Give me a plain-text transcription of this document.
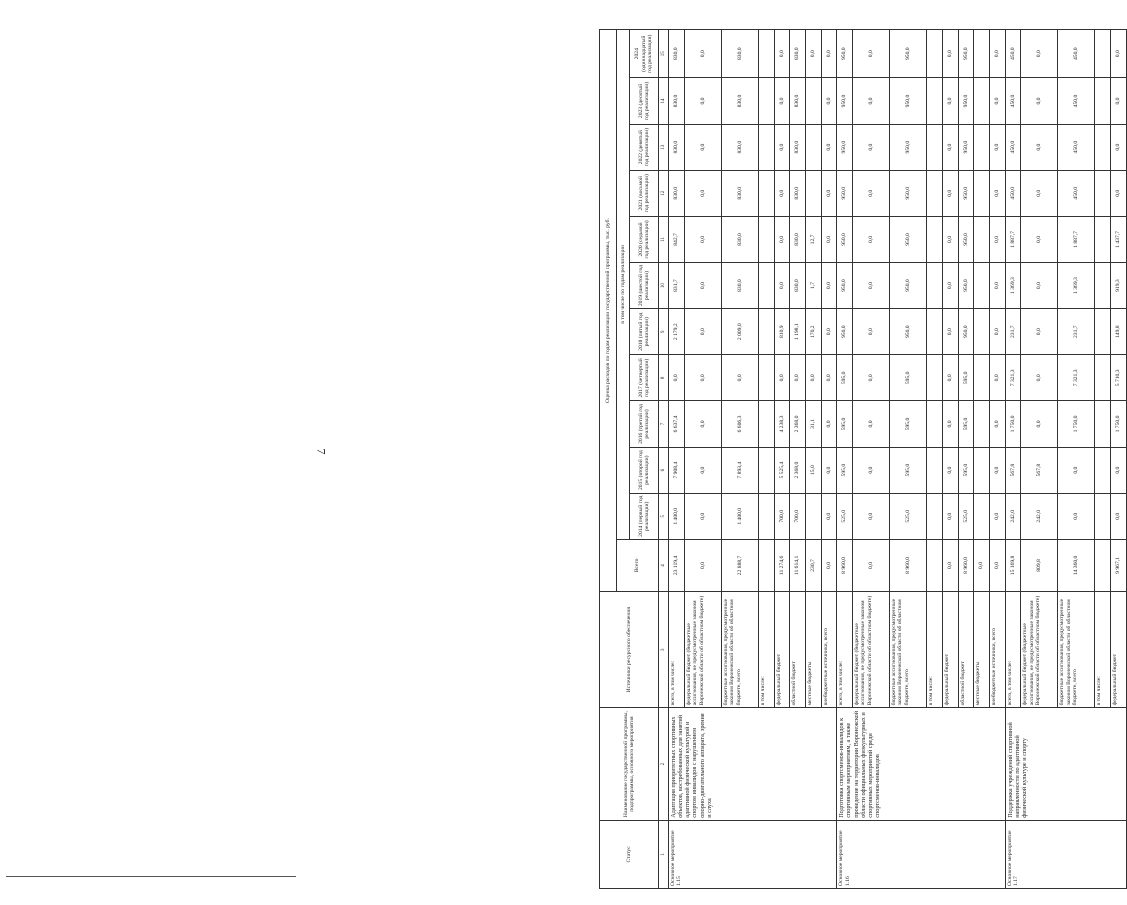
7
Статус	Наименование государственной программы, подпрограммы, основного мероприятия	Источники ресурсного обеспечения	Оценка расходов по годам реализации государственной программы, тыс. руб.											
			Всего	в том числе по годам реализации										
				2014 (первый год реализации)	2015 (второй год реализации)	2016 (третий год реализации)	2017 (четвертый год реализации)	2018 (пятый год реализации)	2019 (шестой год реализации)	2020 (седьмой год реализации)	2021 (восьмой год реализации)	2022 (девятый год реализации)	2023 (десятый год реализации)	2024 (одиннадцатый год реализации)
1	2	3	4	5	6	7	8	9	10	11	12	13	14	15
Основное мероприятие 1.15	Адаптация приоритетных спортивных объектов, востребованных для занятий адаптивной физической культурой и спортом инвалидов с нарушением опорно-двигательного аппарата, зрения и слуха	всего, в том числе:	23 119,4	1 400,0	7 908,4	6 637,4	0,0	2 179,2	831,7	842,7	830,0	830,0	830,0	830,0
		федеральный бюджет (бюджетные ассигнования, не предусмотренные законом Воронежской области об областном бюджете)	0,0	0,0	0,0	0,0	0,0	0,0	0,0	0,0	0,0	0,0	0,0	0,0
		бюджетные ассигнования, предусмотренные законом Воронежской области об областном бюджете, всего	22 888,7	1 400,0	7 893,4	6 606,3	0,0	2 009,0	830,0	830,0	830,0	830,0	830,0	830,0
		в том числе:												
		федеральный бюджет	11 274,6	700,0	5 525,4	4 238,3	0,0	810,9	0,0	0,0	0,0	0,0	0,0	0,0
		областной бюджет	11 614,1	700,0	2 368,0	2 368,0	0,0	1 198,1	830,0	830,0	830,0	830,0	830,0	830,0
		местные бюджеты	230,7		15,0	31,1	0,0	170,2	1,7	12,7				0,0
		внебюджетные источники, всего	0,0	0,0	0,0	0,0	0,0	0,0	0,0	0,0	0,0	0,0	0,0	0,0
Основное мероприятие 1.16	Подготовка спортсменов-инвалидов к спортивным мероприятиям, а также проведение на территории Воронежской области официальных физкультурных и спортивных мероприятий среди спортсменов-инвалидов	всего, в том числе:	8 960,0	525,0	595,0	595,0	595,0	950,0	950,0	950,0	950,0	950,0	950,0	950,0
		федеральный бюджет (бюджетные ассигнования, не предусмотренные законом Воронежской области об областном бюджете)	0,0	0,0	0,0	0,0	0,0	0,0	0,0	0,0	0,0	0,0	0,0	0,0
		бюджетные ассигнования, предусмотренные законом Воронежской области об областном бюджете, всего	8 960,0	525,0	595,0	595,0	595,0	950,0	950,0	950,0	950,0	950,0	950,0	950,0
		в том числе:												
		федеральный бюджет	0,0	0,0	0,0	0,0	0,0	0,0	0,0	0,0	0,0	0,0	0,0	0,0
		областной бюджет	8 960,0	525,0	595,0	595,0	595,0	950,0	950,0	950,0	950,0	950,0	950,0	950,0
		местные бюджеты	0,0											
		внебюджетные источники, всего	0,0	0,0	0,0	0,0	0,0	0,0	0,0	0,0	0,0	0,0	0,0	0,0
Основное мероприятие 1.17	Поддержка учреждений спортивной направленности по адаптивной физической культуре и спорту	всего, в том числе:	15 169,8	242,0	567,8	1 750,0	7 321,3	231,7	1 369,3	1 887,7	450,0	450,0	450,0	450,0
		федеральный бюджет (бюджетные ассигнования, не предусмотренные законом Воронежской области об областном бюджете)	809,8	242,0	567,8	0,0	0,0	0,0	0,0	0,0	0,0	0,0	0,0	0,0
		бюджетные ассигнования, предусмотренные законом Воронежской области об областном бюджете, всего	14 360,0	0,0	0,0	1 750,0	7 321,3	231,7	1 369,3	1 887,7	450,0	450,0	450,0	450,0
		в том числе:												
		федеральный бюджет	9 967,1	0,0	0,0	1 750,0	5 710,3	149,8	919,3	1 437,7	0,0	0,0	0,0	0,0
